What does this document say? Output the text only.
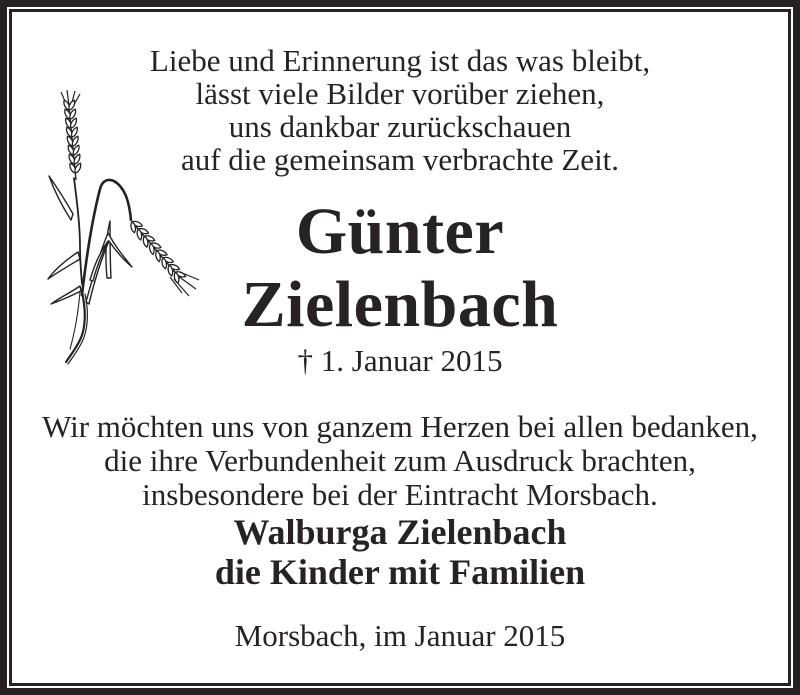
Liebe und Erinnerung ist das was bleibt,
lässt viele Bilder vorüber ziehen,
uns dankbar zurückschauen
auf die gemeinsam verbrachte Zeit.
Günter
Zielenbach
† 1. Januar 2015
Wir möchten uns von ganzem Herzen bei allen bedanken,
die ihre Verbundenheit zum Ausdruck brachten,
insbesondere bei der Eintracht Morsbach.
Walburga Zielenbach
die Kinder mit Familien
Morsbach, im Januar 2015
